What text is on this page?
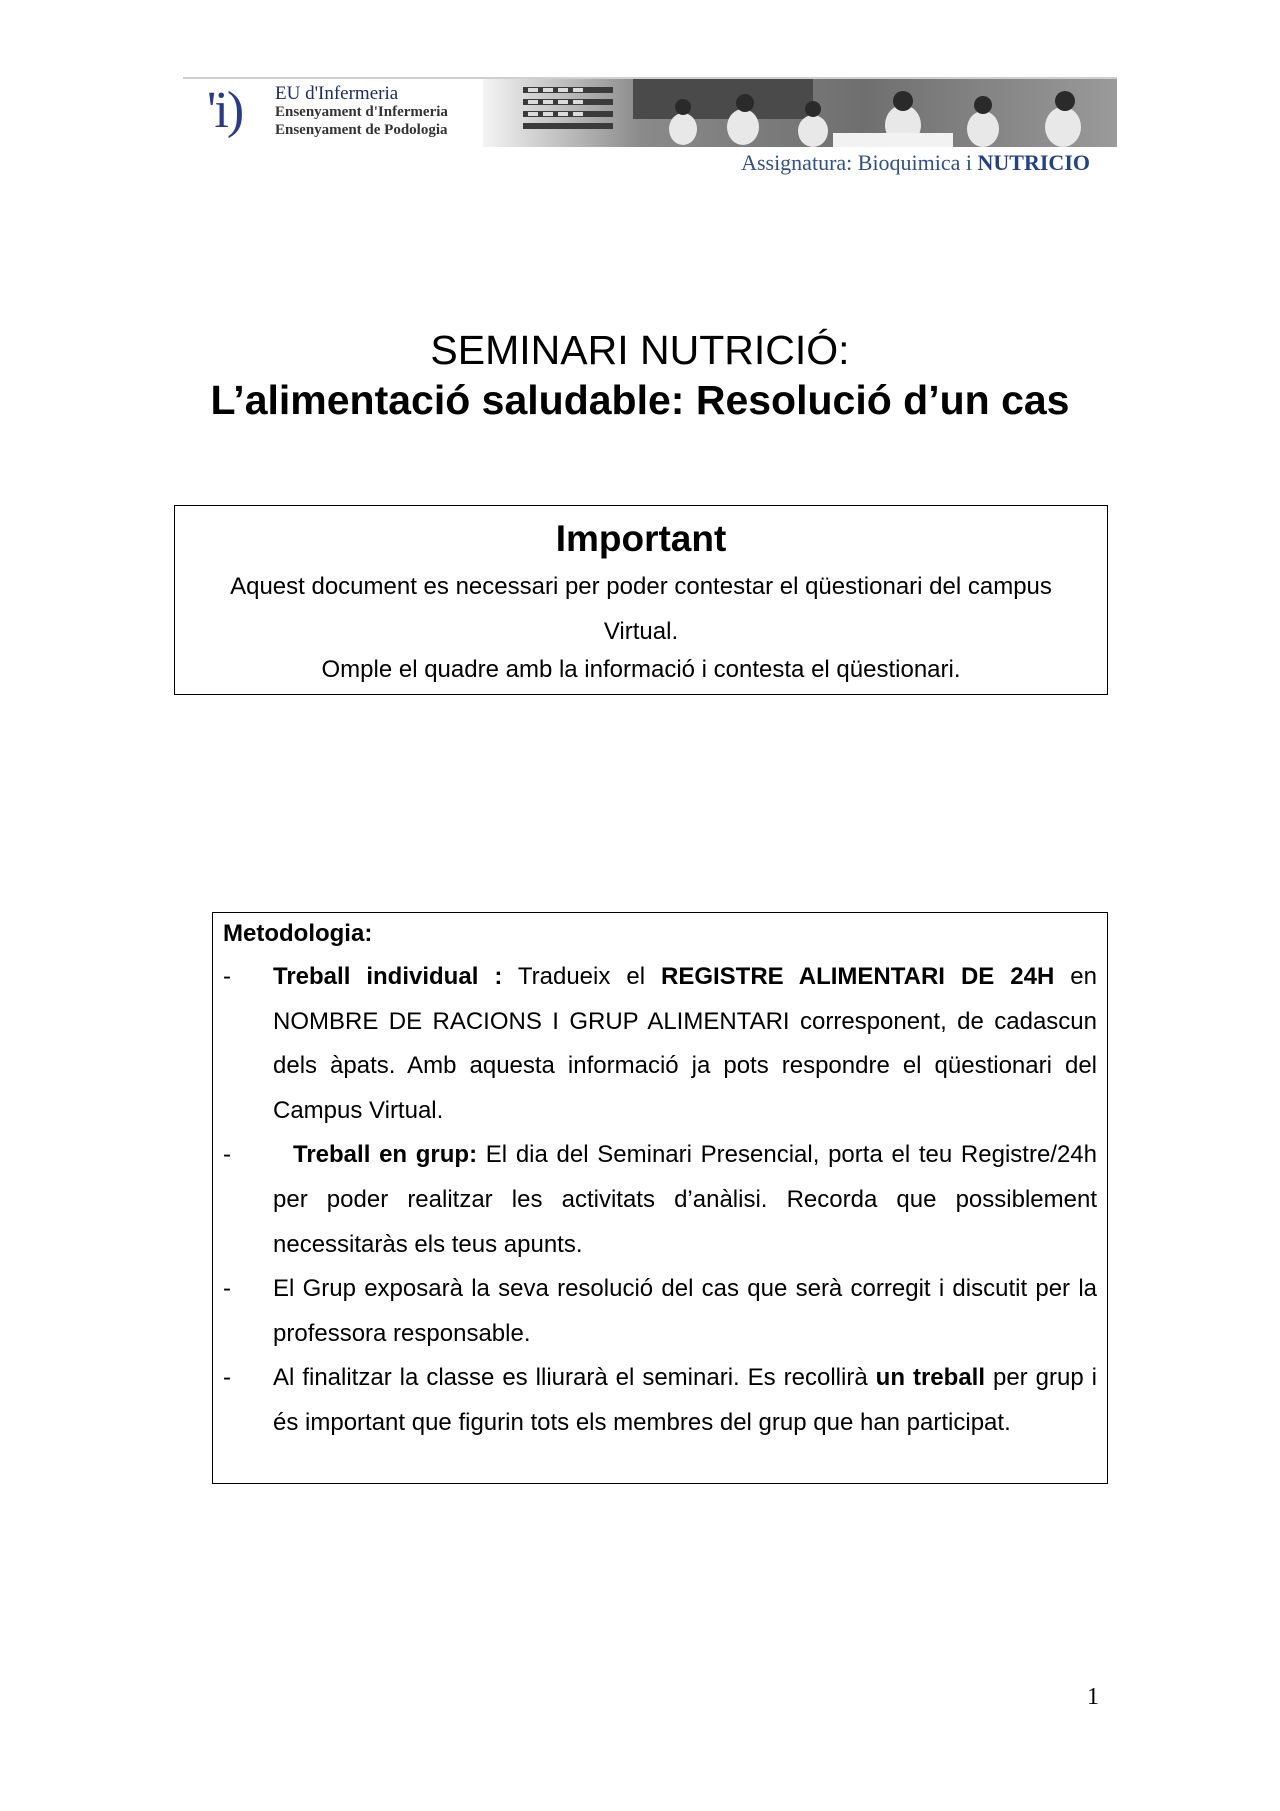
'i) EU d'Infermeria
Ensenyament d'Infermeria
Ensenyament de Podologia
Assignatura: Bioquimica i NUTRICIO
SEMINARI NUTRICIÓ:
L’alimentació saludable: Resolució d’un cas
Important

Aquest document es necessari per poder contestar el qüestionari del campus Virtual.

Omple el quadre amb la informació i contesta el qüestionari.

Metodologia:
- Treball individual : Tradueix el REGISTRE ALIMENTARI DE 24H en NOMBRE DE RACIONS I GRUP ALIMENTARI corresponent, de cadascun dels àpats. Amb aquesta informació ja pots respondre el qüestionari del Campus Virtual.
-	Treball en grup: El dia del Seminari Presencial, porta el teu Registre/24h per poder realitzar les activitats d’anàlisi. Recorda que possiblement necessitaràs els teus apunts.
- El Grup exposarà la seva resolució del cas que serà corregit i discutit per la professora responsable.
- Al finalitzar la classe es lliurarà el seminari. Es recollirà un treball per grup i és important que figurin tots els membres del grup que han participat.
1
